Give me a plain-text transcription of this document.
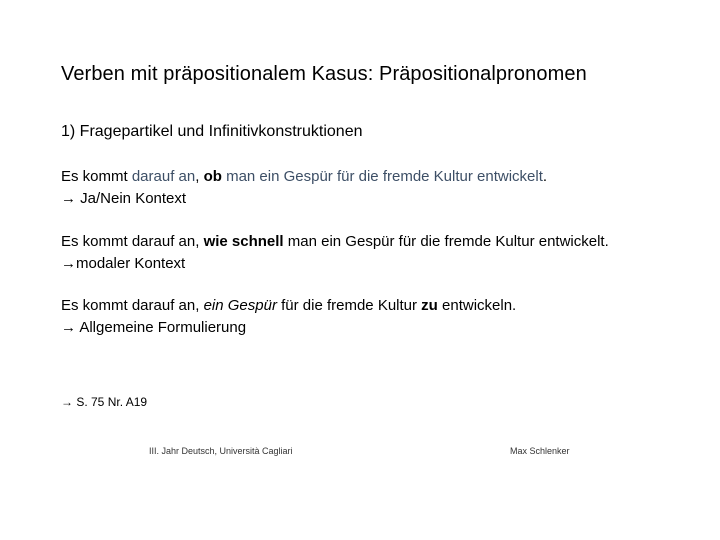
Verben mit präpositionalem Kasus: Präpositionalpronomen
1) Fragepartikel und Infinitivkonstruktionen
Es kommt darauf an, ob man ein Gespür für die fremde Kultur entwickelt.
→ Ja/Nein Kontext
Es kommt darauf an, wie schnell man ein Gespür für die fremde Kultur entwickelt.
→modaler Kontext
Es kommt darauf an, ein Gespür für die fremde Kultur zu entwickeln.
→ Allgemeine Formulierung
→ S. 75 Nr. A19
III. Jahr Deutsch, Università Cagliari	Max Schlenker
